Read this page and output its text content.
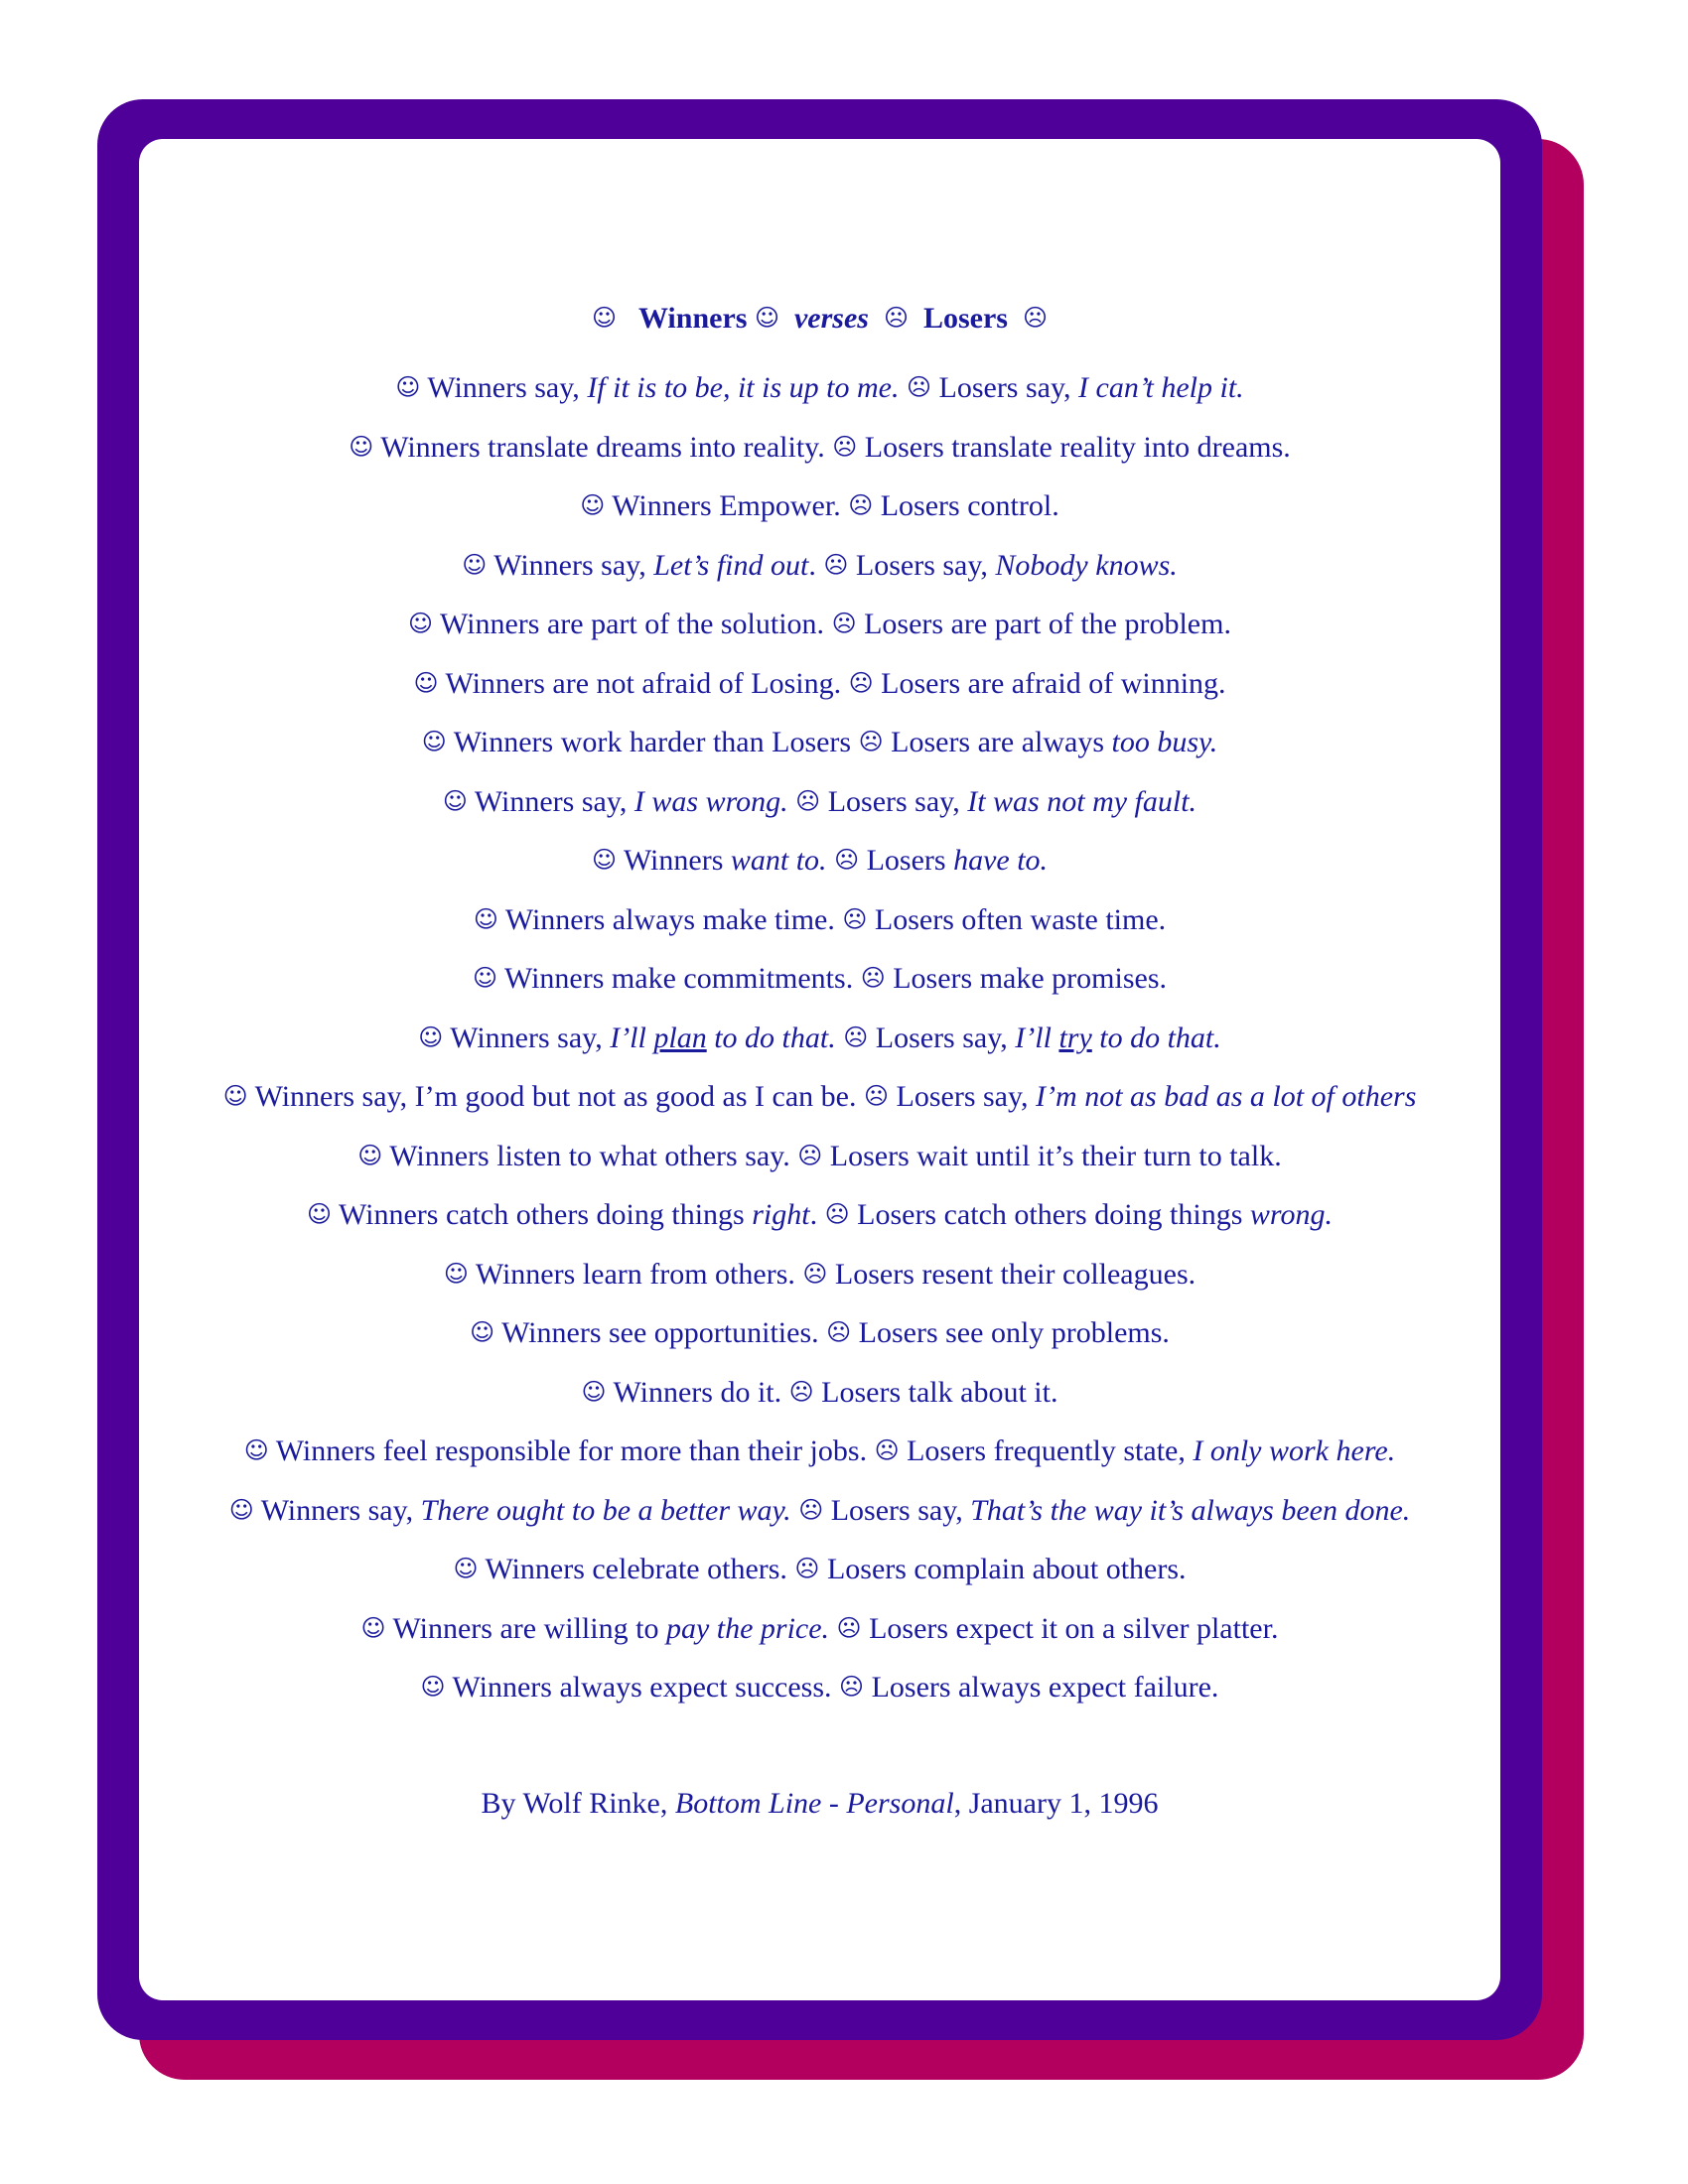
☺ Winners ☺ verses ☹ Losers ☹
☺ Winners say, If it is to be, it is up to me. ☹ Losers say, I can’t help it.
☺ Winners translate dreams into reality. ☹ Losers translate reality into dreams.
☺ Winners Empower. ☹ Losers control.
☺ Winners say, Let’s find out. ☹ Losers say, Nobody knows.
☺ Winners are part of the solution. ☹ Losers are part of the problem.
☺ Winners are not afraid of Losing. ☹ Losers are afraid of winning.
☺ Winners work harder than Losers ☹ Losers are always too busy.
☺ Winners say, I was wrong. ☹ Losers say, It was not my fault.
☺ Winners want to. ☹ Losers have to.
☺ Winners always make time. ☹ Losers often waste time.
☺ Winners make commitments. ☹ Losers make promises.
☺ Winners say, I’ll plan to do that. ☹ Losers say, I’ll try to do that.
☺ Winners say, I’m good but not as good as I can be. ☹ Losers say, I’m not as bad as a lot of others
☺ Winners listen to what others say. ☹ Losers wait until it’s their turn to talk.
☺ Winners catch others doing things right. ☹ Losers catch others doing things wrong.
☺ Winners learn from others. ☹ Losers resent their colleagues.
☺ Winners see opportunities. ☹ Losers see only problems.
☺ Winners do it. ☹ Losers talk about it.
☺ Winners feel responsible for more than their jobs. ☹ Losers frequently state, I only work here.
☺ Winners say, There ought to be a better way. ☹ Losers say, That’s the way it’s always been done.
☺ Winners celebrate others. ☹ Losers complain about others.
☺ Winners are willing to pay the price. ☹ Losers expect it on a silver platter.
☺ Winners always expect success. ☹ Losers always expect failure.
By Wolf Rinke, Bottom Line - Personal, January 1, 1996
